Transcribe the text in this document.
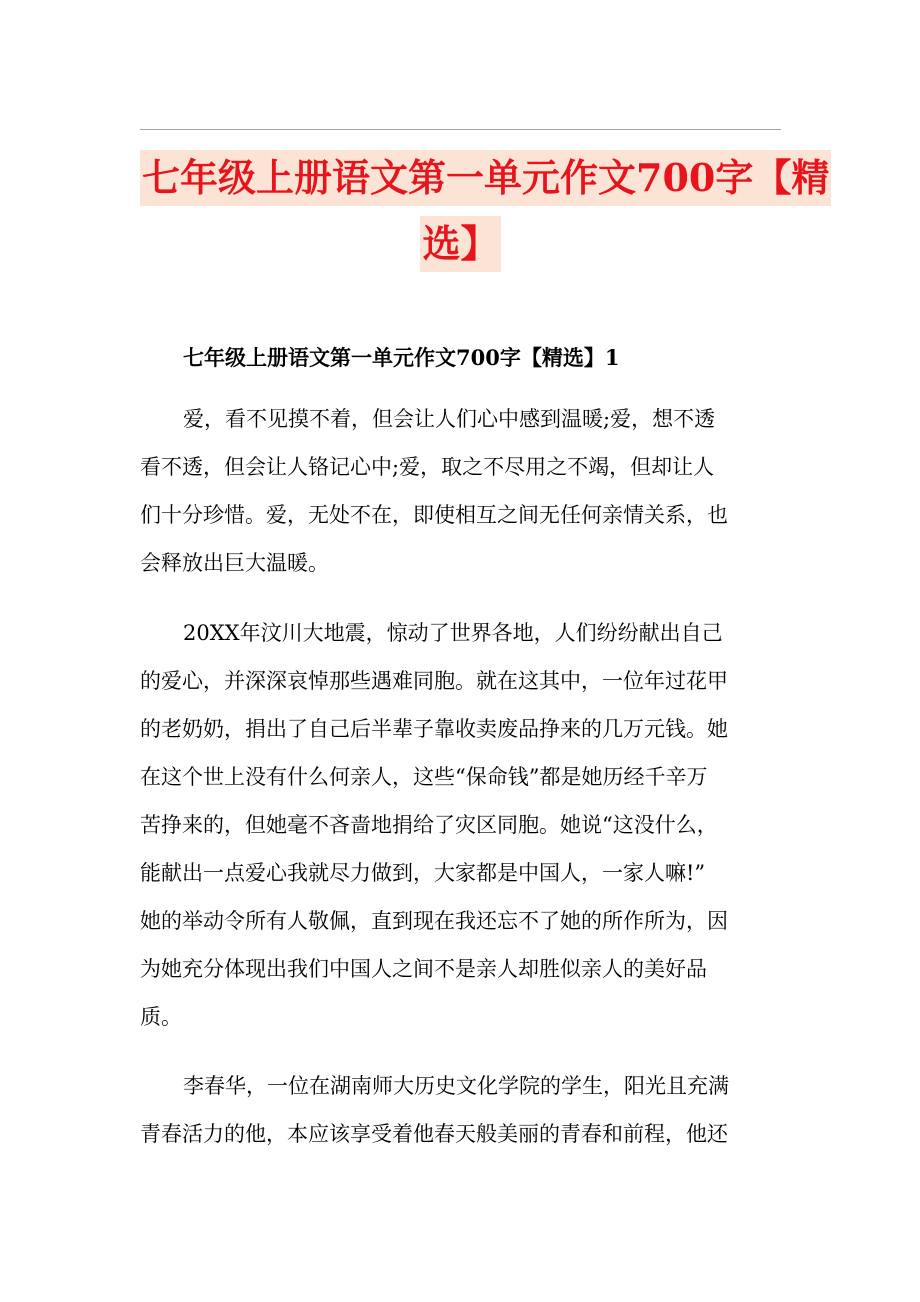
七年级上册语文第一单元作文700字【精
选】
七年级上册语文第一单元作文700字【精选】1
爱，看不见摸不着，但会让人们心中感到温暖;爱，想不透
看不透，但会让人铬记心中;爱，取之不尽用之不竭，但却让人
们十分珍惜。爱，无处不在，即使相互之间无任何亲情关系，也
会释放出巨大温暖。
20XX年汶川大地震，惊动了世界各地，人们纷纷献出自己
的爱心，并深深哀悼那些遇难同胞。就在这其中，一位年过花甲
的老奶奶，捐出了自己后半辈子靠收卖废品挣来的几万元钱。她
在这个世上没有什么何亲人，这些“保命钱”都是她历经千辛万
苦挣来的，但她毫不吝啬地捐给了灾区同胞。她说“这没什么，
能献出一点爱心我就尽力做到，大家都是中国人，一家人嘛!”
她的举动令所有人敬佩，直到现在我还忘不了她的所作所为，因
为她充分体现出我们中国人之间不是亲人却胜似亲人的美好品
质。
李春华，一位在湖南师大历史文化学院的学生，阳光且充满
青春活力的他，本应该享受着他春天般美丽的青春和前程，他还
